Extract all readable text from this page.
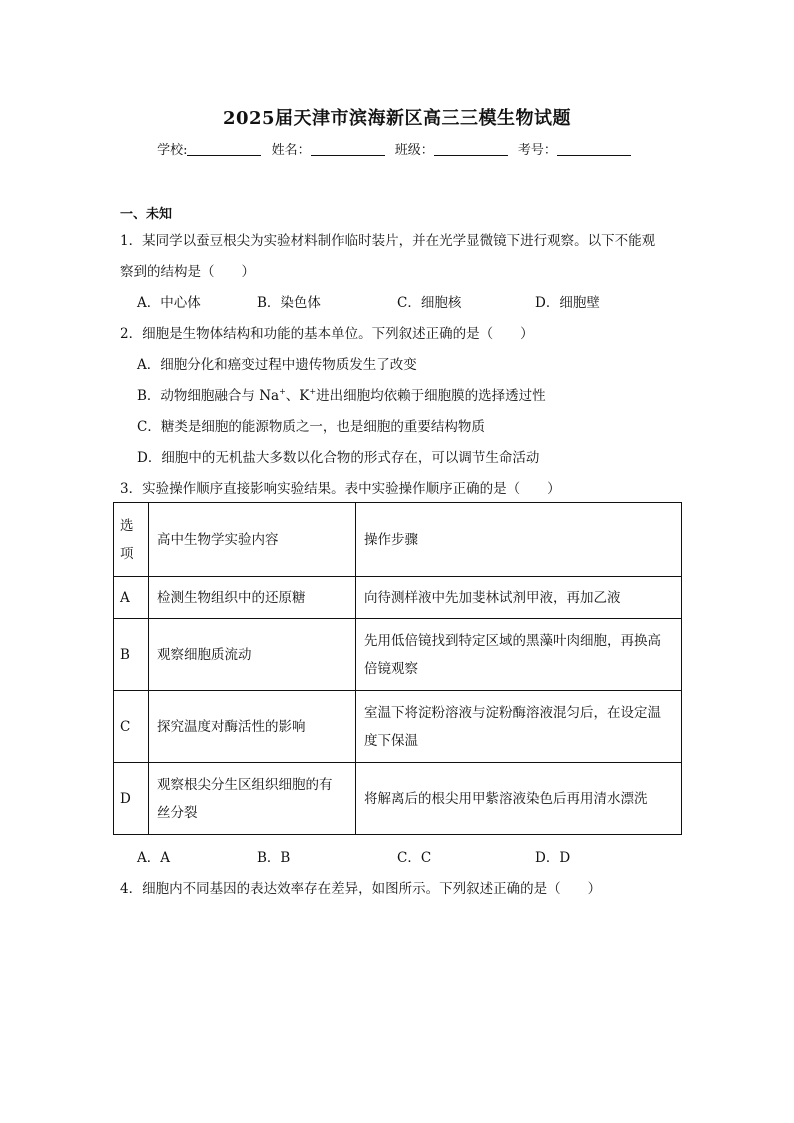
2025届天津市滨海新区高三三模生物试题
学校:	姓名：	班级：	考号：
一、未知
1．某同学以蚕豆根尖为实验材料制作临时装片，并在光学显微镜下进行观察。以下不能观
察到的结构是（　　）
A．中心体	B．染色体	C．细胞核	D．细胞壁
2．细胞是生物体结构和功能的基本单位。下列叙述正确的是（　　）
A．细胞分化和癌变过程中遗传物质发生了改变
B．动物细胞融合与 Na+、K+进出细胞均依赖于细胞膜的选择透过性
C．糖类是细胞的能源物质之一，也是细胞的重要结构物质
D．细胞中的无机盐大多数以化合物的形式存在，可以调节生命活动
3．实验操作顺序直接影响实验结果。表中实验操作顺序正确的是（　　）
选
项	高中生物学实验内容	操作步骤
A	检测生物组织中的还原糖	向待测样液中先加斐林试剂甲液，再加乙液
B	观察细胞质流动	先用低倍镜找到特定区域的黑藻叶肉细胞，再换高
倍镜观察

C	探究温度对酶活性的影响	室温下将淀粉溶液与淀粉酶溶液混匀后，在设定温
度下保温

D	观察根尖分生区组织细胞的有
丝分裂	将解离后的根尖用甲紫溶液染色后再用清水漂洗
A．A	B．B	C．C	D．D
4．细胞内不同基因的表达效率存在差异，如图所示。下列叙述正确的是（　　）
